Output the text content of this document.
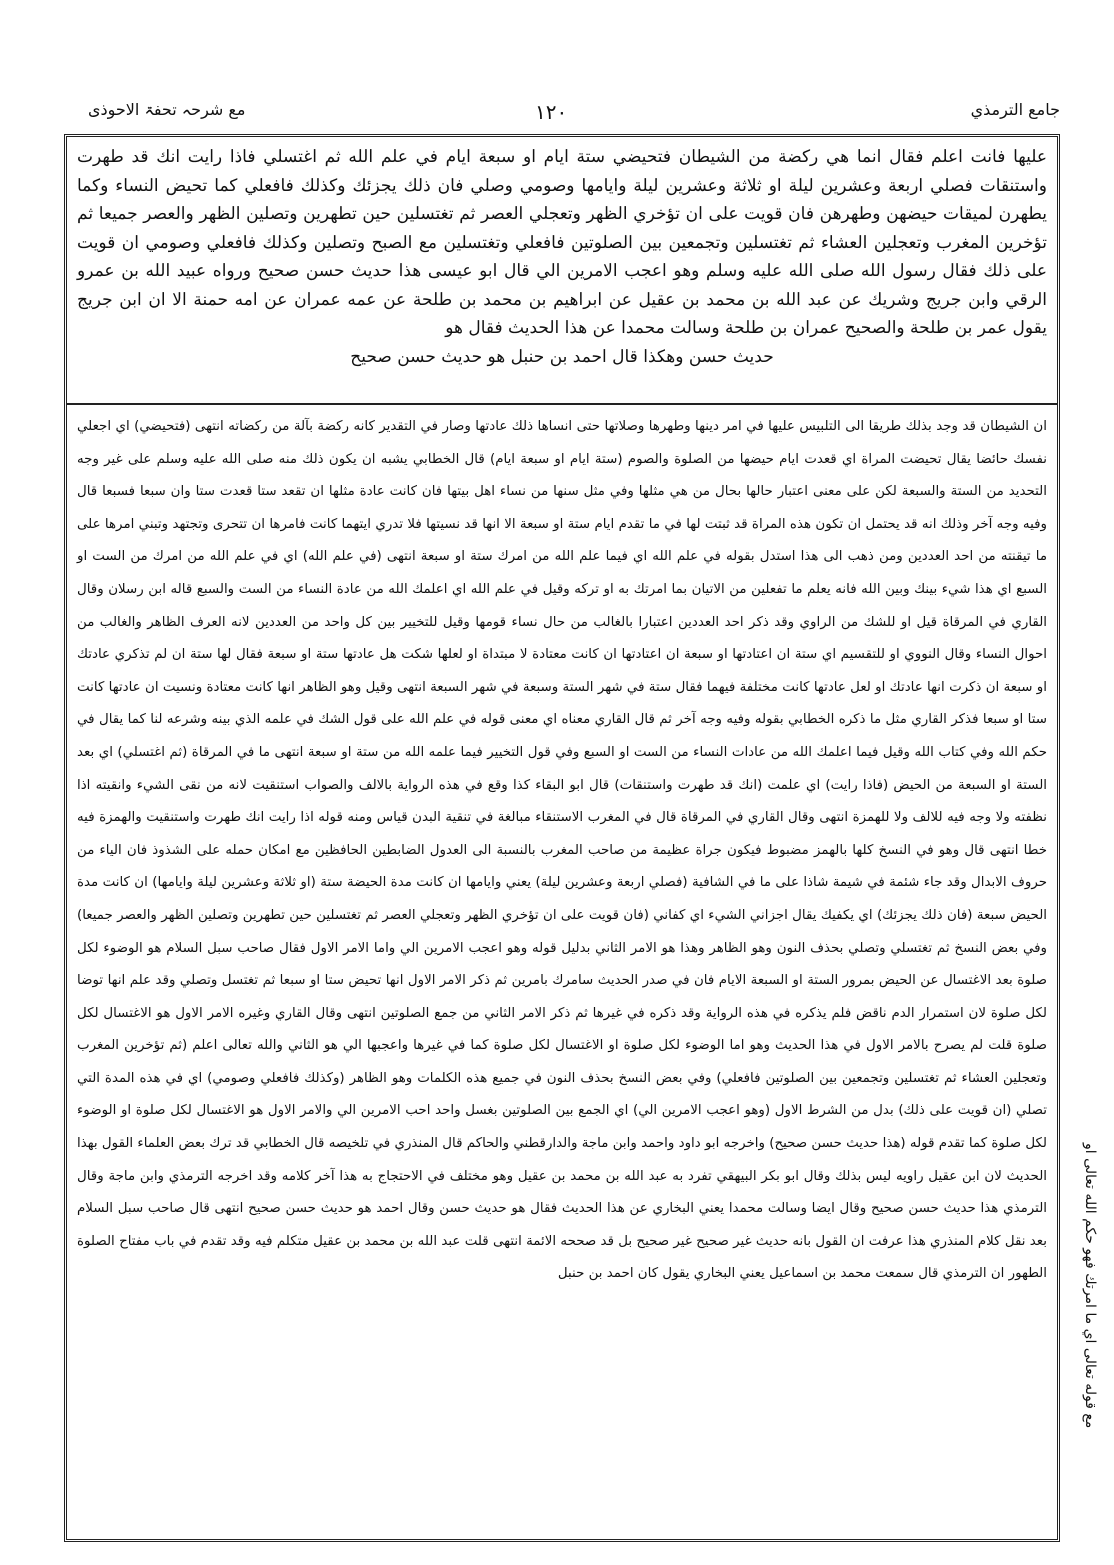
جامع الترمذي
۱۲۰
مع شرحہ تحفۃ الاحوذی
عليها فانت اعلم فقال انما هي ركضة من الشيطان فتحيضي ستة ايام او سبعة ايام في علم الله ثم اغتسلي فاذا رايت انك قد طهرت واستنقات فصلي اربعة وعشرين ليلة او ثلاثة وعشرين ليلة وايامها وصومي وصلي فان ذلك يجزئك وكذلك فافعلي كما تحيض النساء وكما يطهرن لميقات حيضهن وطهرهن فان قويت على ان تؤخري الظهر وتعجلي العصر ثم تغتسلين حين تطهرين وتصلين الظهر والعصر جميعا ثم تؤخرين المغرب وتعجلين العشاء ثم تغتسلين وتجمعين بين الصلوتين فافعلي وتغتسلين مع الصبح وتصلين وكذلك فافعلي وصومي ان قويت على ذلك فقال رسول الله صلى الله عليه وسلم وهو اعجب الامرين الي قال ابو عيسى هذا حديث حسن صحيح ورواه عبيد الله بن عمرو الرقي وابن جريج وشريك عن عبد الله بن محمد بن عقيل عن ابراهيم بن محمد بن طلحة عن عمه عمران عن امه حمنة الا ان ابن جريج يقول عمر بن طلحة والصحيح عمران بن طلحة وسالت محمدا عن هذا الحديث فقال هو
حديث حسن وهكذا قال احمد بن حنبل هو حديث حسن صحيح
ان الشيطان قد وجد بذلك طريقا الى التلبيس عليها في امر دينها وطهرها وصلاتها حتى انساها ذلك عادتها وصار في التقدير كانه ركضة بآلة من ركضاته انتهى (فتحيضي) اي اجعلي نفسك حائضا يقال تحيضت المراة اي قعدت ايام حيضها من الصلوة والصوم (ستة ايام او سبعة ايام) قال الخطابي يشبه ان يكون ذلك منه صلى الله عليه وسلم على غير وجه التحديد من الستة والسبعة لكن على معنى اعتبار حالها بحال من هي مثلها وفي مثل سنها من نساء اهل بيتها فان كانت عادة مثلها ان تقعد ستا قعدت ستا وان سبعا فسبعا قال وفيه وجه آخر وذلك انه قد يحتمل ان تكون هذه المراة قد ثبتت لها في ما تقدم ايام ستة او سبعة الا انها قد نسيتها فلا تدري ايتهما كانت فامرها ان تتحرى وتجتهد وتبني امرها على ما تيقنته من احد العددين ومن ذهب الى هذا استدل بقوله في علم الله اي فيما علم الله من امرك ستة او سبعة انتهى (في علم الله) اي في علم الله من امرك من الست او السبع اي هذا شيء بينك وبين الله فانه يعلم ما تفعلين من الاتيان بما امرتك به او تركه وقيل في علم الله اي اعلمك الله من عادة النساء من الست والسبع قاله ابن رسلان وقال القاري في المرقاة قيل او للشك من الراوي وقد ذكر احد العددين اعتبارا بالغالب من حال نساء قومها وقيل للتخيير بين كل واحد من العددين لانه العرف الظاهر والغالب من احوال النساء وقال النووي او للتقسيم اي ستة ان اعتادتها او سبعة ان اعتادتها ان كانت معتادة لا مبتداة او لعلها شكت هل عادتها ستة او سبعة فقال لها ستة ان لم تذكري عادتك او سبعة ان ذكرت انها عادتك او لعل عادتها كانت مختلفة فيهما فقال ستة في شهر الستة وسبعة في شهر السبعة انتهى وقيل وهو الظاهر انها كانت معتادة ونسيت ان عادتها كانت ستا او سبعا فذكر القاري مثل ما ذكره الخطابي بقوله وفيه وجه آخر ثم قال القاري معناه اي معنى قوله في علم الله على قول الشك في علمه الذي بينه وشرعه لنا كما يقال في حكم الله وفي كتاب الله وقيل فيما اعلمك الله من عادات النساء من الست او السبع وفي قول التخيير فيما علمه الله من ستة او سبعة انتهى ما في المرقاة (ثم اغتسلي) اي بعد الستة او السبعة من الحيض (فاذا رايت) اي علمت (انك قد طهرت واستنقات) قال ابو البقاء كذا وقع في هذه الرواية بالالف والصواب استنقيت لانه من نقى الشيء وانقيته اذا نظفته ولا وجه فيه للالف ولا للهمزة انتهى وقال القاري في المرقاة قال في المغرب الاستنقاء مبالغة في تنقية البدن قياس ومنه قوله اذا رايت انك طهرت واستنقيت والهمزة فيه خطا انتهى قال وهو في النسخ كلها بالهمز مضبوط فيكون جراة عظيمة من صاحب المغرب بالنسبة الى العدول الضابطين الحافظين مع امكان حمله على الشذوذ فان الياء من حروف الابدال وقد جاء شئمة في شيمة شاذا على ما في الشافية (فصلي اربعة وعشرين ليلة) يعني وايامها ان كانت مدة الحيضة ستة (او ثلاثة وعشرين ليلة وايامها) ان كانت مدة الحيض سبعة (فان ذلك يجزئك) اي يكفيك يقال اجزاني الشيء اي كفاني (فان قويت على ان تؤخري الظهر وتعجلي العصر ثم تغتسلين حين تطهرين وتصلين الظهر والعصر جميعا) وفي بعض النسخ ثم تغتسلي وتصلي بحذف النون وهو الظاهر وهذا هو الامر الثاني بدليل قوله وهو اعجب الامرين الي واما الامر الاول فقال صاحب سبل السلام هو الوضوء لكل صلوة بعد الاغتسال عن الحيض بمرور الستة او السبعة الايام فان في صدر الحديث سامرك بامرين ثم ذكر الامر الاول انها تحيض ستا او سبعا ثم تغتسل وتصلي وقد علم انها توضا لكل صلوة لان استمرار الدم ناقض فلم يذكره في هذه الرواية وقد ذكره في غيرها ثم ذكر الامر الثاني من جمع الصلوتين انتهى وقال القاري وغيره الامر الاول هو الاغتسال لكل صلوة قلت لم يصرح بالامر الاول في هذا الحديث وهو اما الوضوء لكل صلوة او الاغتسال لكل صلوة كما في غيرها واعجبها الي هو الثاني والله تعالى اعلم (ثم تؤخرين المغرب وتعجلين العشاء ثم تغتسلين وتجمعين بين الصلوتين فافعلي) وفي بعض النسخ بحذف النون في جميع هذه الكلمات وهو الظاهر (وكذلك فافعلي وصومي) اي في هذه المدة التي تصلي (ان قويت على ذلك) بدل من الشرط الاول (وهو اعجب الامرين الي) اي الجمع بين الصلوتين بغسل واحد احب الامرين الي والامر الاول هو الاغتسال لكل صلوة او الوضوء لكل صلوة كما تقدم قوله (هذا حديث حسن صحيح) واخرجه ابو داود واحمد وابن ماجة والدارقطني والحاكم قال المنذري في تلخيصه قال الخطابي قد ترك بعض العلماء القول بهذا الحديث لان ابن عقيل راويه ليس بذلك وقال ابو بكر البيهقي تفرد به عبد الله بن محمد بن عقيل وهو مختلف في الاحتجاج به هذا آخر كلامه وقد اخرجه الترمذي وابن ماجة وقال الترمذي هذا حديث حسن صحيح وقال ايضا وسالت محمدا يعني البخاري عن هذا الحديث فقال هو حديث حسن وقال احمد هو حديث حسن صحيح انتهى قال صاحب سبل السلام بعد نقل كلام المنذري هذا عرفت ان القول بانه حديث غير صحيح غير صحيح بل قد صححه الائمة انتهى قلت عبد الله بن محمد بن عقيل متكلم فيه وقد تقدم في باب مفتاح الصلوة الطهور ان الترمذي قال سمعت محمد بن اسماعيل يعني البخاري يقول كان احمد بن حنبل	مع قوله تعالى اي ما امرتك فهو حكم الله تعالى او
